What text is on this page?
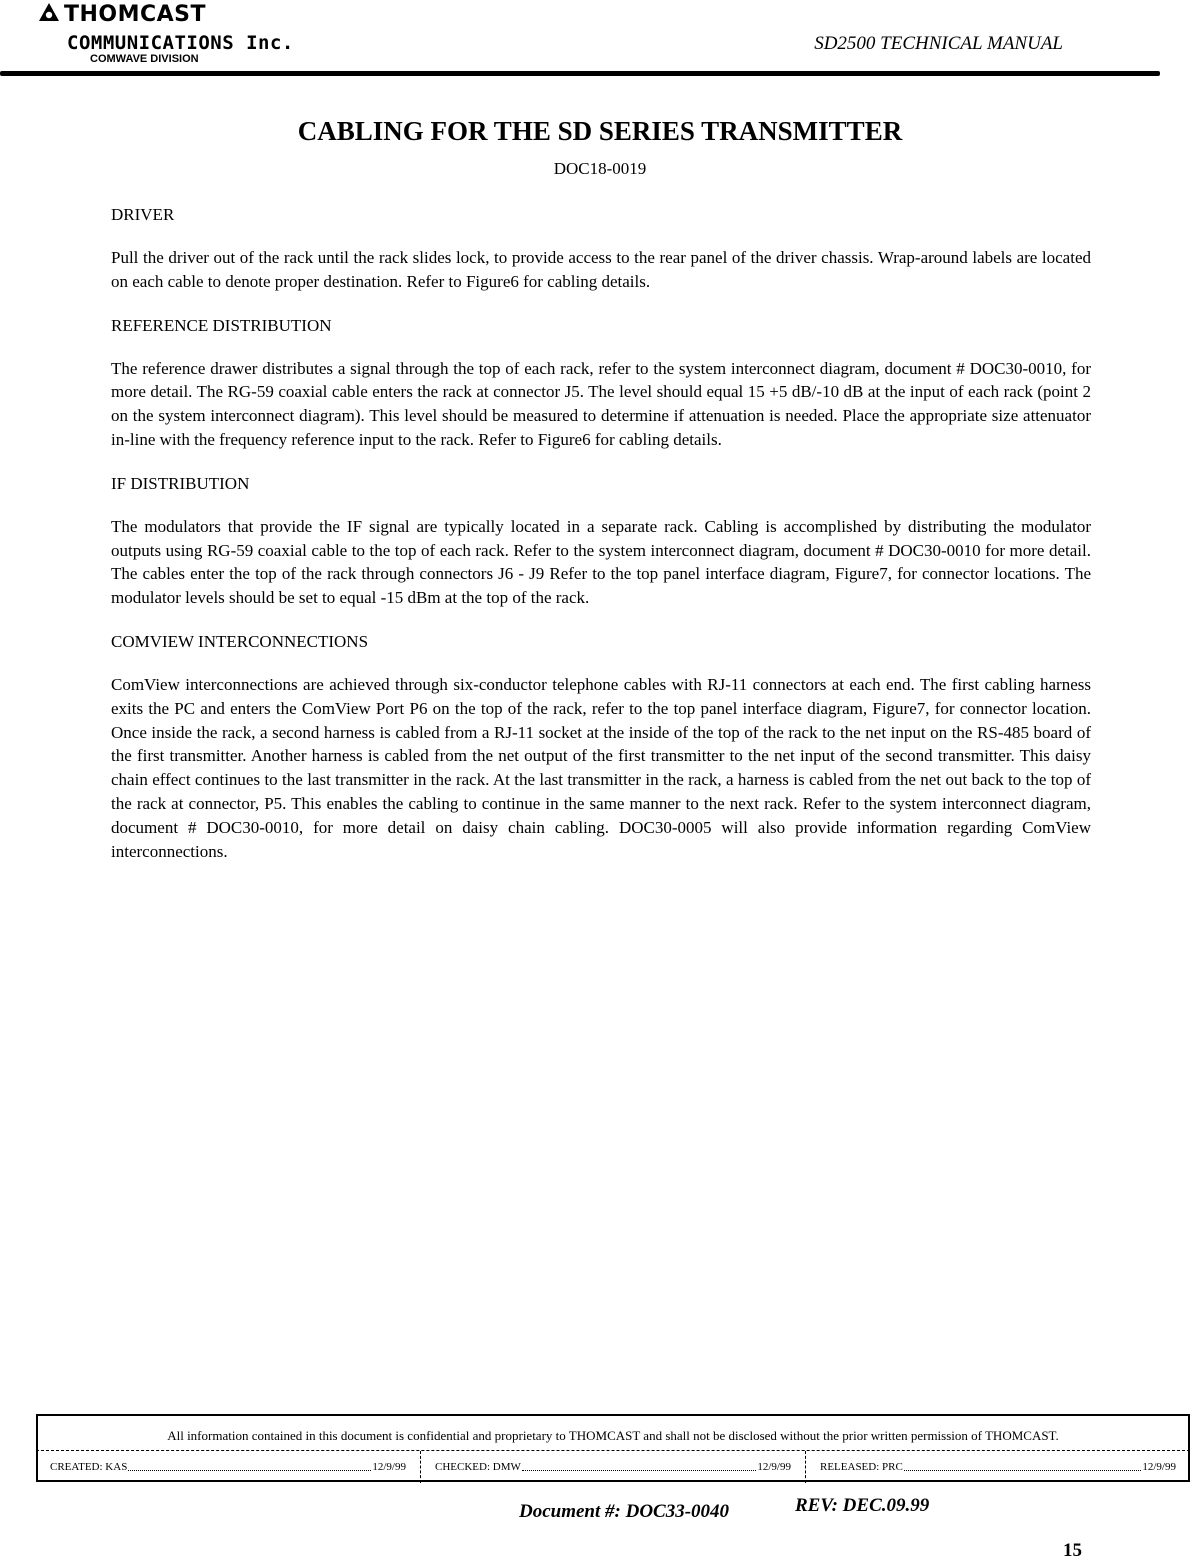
THOMCAST
COMMUNICATIONS Inc.
COMWAVE DIVISION
SD2500 TECHNICAL MANUAL
CABLING FOR THE SD SERIES TRANSMITTER
DOC18-0019
DRIVER

Pull the driver out of the rack until the rack slides lock, to provide access to the rear panel of the driver chassis. Wrap-around labels are located on each cable to denote proper destination. Refer to Figure6 for cabling details.

REFERENCE DISTRIBUTION

The reference drawer distributes a signal through the top of each rack, refer to the system interconnect diagram, document # DOC30-0010, for more detail. The RG-59 coaxial cable enters the rack at connector J5. The level should equal 15 +5 dB/-10 dB at the input of each rack (point 2 on the system interconnect diagram). This level should be measured to determine if attenuation is needed. Place the appropriate size attenuator in-line with the frequency reference input to the rack. Refer to Figure6 for cabling details.

IF DISTRIBUTION

The modulators that provide the IF signal are typically located in a separate rack. Cabling is accomplished by distributing the modulator outputs using RG-59 coaxial cable to the top of each rack. Refer to the system interconnect diagram, document # DOC30-0010 for more detail. The cables enter the top of the rack through connectors J6 - J9 Refer to the top panel interface diagram, Figure7, for connector locations. The modulator levels should be set to equal -15 dBm at the top of the rack.

COMVIEW INTERCONNECTIONS

ComView interconnections are achieved through six-conductor telephone cables with RJ-11 connectors at each end. The first cabling harness exits the PC and enters the ComView Port P6 on the top of the rack, refer to the top panel interface diagram, Figure7, for connector location. Once inside the rack, a second harness is cabled from a RJ-11 socket at the inside of the top of the rack to the net input on the RS-485 board of the first transmitter. Another harness is cabled from the net output of the first transmitter to the net input of the second transmitter. This daisy chain effect continues to the last transmitter in the rack. At the last transmitter in the rack, a harness is cabled from the net out back to the top of the rack at connector, P5. This enables the cabling to continue in the same manner to the next rack. Refer to the system interconnect diagram, document # DOC30-0010, for more detail on daisy chain cabling. DOC30-0005 will also provide information regarding ComView interconnections.

All information contained in this document is confidential and proprietary to THOMCAST and shall not be disclosed without the prior written permission of THOMCAST.
CREATED: KAS	12/9/99	CHECKED: DMW	12/9/99	RELEASED: PRC	12/9/99
Document #: DOC33-0040	REV: DEC.09.99
15
